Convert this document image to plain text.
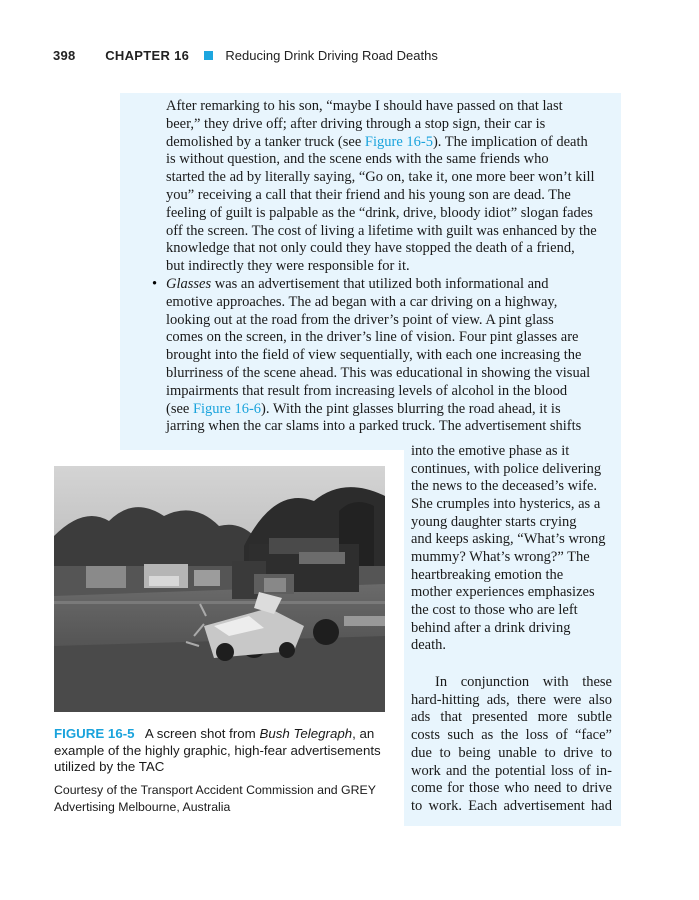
398 CHAPTER 16	Reducing Drink Driving Road Deaths
After remarking to his son, “maybe I should have passed on that last
beer,” they drive off; after driving through a stop sign, their car is
demolished by a tanker truck (see Figure 16-5). The implication of death
is without question, and the scene ends with the same friends who
started the ad by literally saying, “Go on, take it, one more beer won’t kill
you” receiving a call that their friend and his young son are dead. The
feeling of guilt is palpable as the “drink, drive, bloody idiot” slogan fades
off the screen. The cost of living a lifetime with guilt was enhanced by the
knowledge that not only could they have stopped the death of a friend,
but indirectly they were responsible for it.
• Glasses was an advertisement that utilized both informational and
emotive approaches. The ad began with a car driving on a highway,
looking out at the road from the driver’s point of view. A pint glass
comes on the screen, in the driver’s line of vision. Four pint glasses are
brought into the field of view sequentially, with each one increasing the
blurriness of the scene ahead. This was educational in showing the visual
impairments that result from increasing levels of alcohol in the blood
(see Figure 16-6). With the pint glasses blurring the road ahead, it is
jarring when the car slams into a parked truck. The advertisement shifts
into the emotive phase as it
continues, with police delivering
the news to the deceased’s wife.
She crumples into hysterics, as a
young daughter starts crying
and keeps asking, “What’s wrong
mummy? What’s wrong?” The
heartbreaking emotion the
mother experiences emphasizes
the cost to those who are left
behind after a drink driving
death.
In conjunction with these
hard-hitting ads, there were also
ads that presented more subtle
costs such as the loss of “face”
due to being unable to drive to
work and the potential loss of in-
come for those who need to drive
to work. Each advertisement had
FIGURE 16-5 A screen shot from Bush Telegraph, an example of the highly graphic, high-fear advertisements utilized by the TAC
Courtesy of the Transport Accident Commission and GREY Advertising Melbourne, Australia
